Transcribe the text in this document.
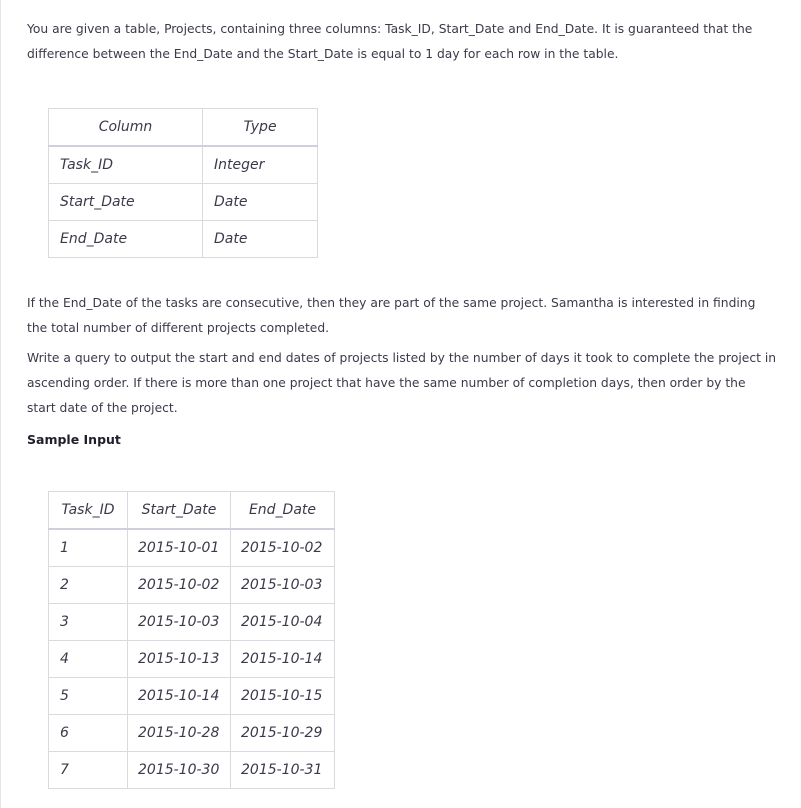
You are given a table, Projects, containing three columns: Task_ID, Start_Date and End_Date. It is guaranteed that the difference between the End_Date and the Start_Date is equal to 1 day for each row in the table.

Column	Type
Task_ID	Integer
Start_Date	Date
End_Date	Date

If the End_Date of the tasks are consecutive, then they are part of the same project. Samantha is interested in finding the total number of different projects completed.

Write a query to output the start and end dates of projects listed by the number of days it took to complete the project in ascending order. If there is more than one project that have the same number of completion days, then order by the start date of the project.

Sample Input

Task_ID	Start_Date	End_Date
1	2015-10-01	2015-10-02
2	2015-10-02	2015-10-03
3	2015-10-03	2015-10-04
4	2015-10-13	2015-10-14
5	2015-10-14	2015-10-15
6	2015-10-28	2015-10-29
7	2015-10-30	2015-10-31
